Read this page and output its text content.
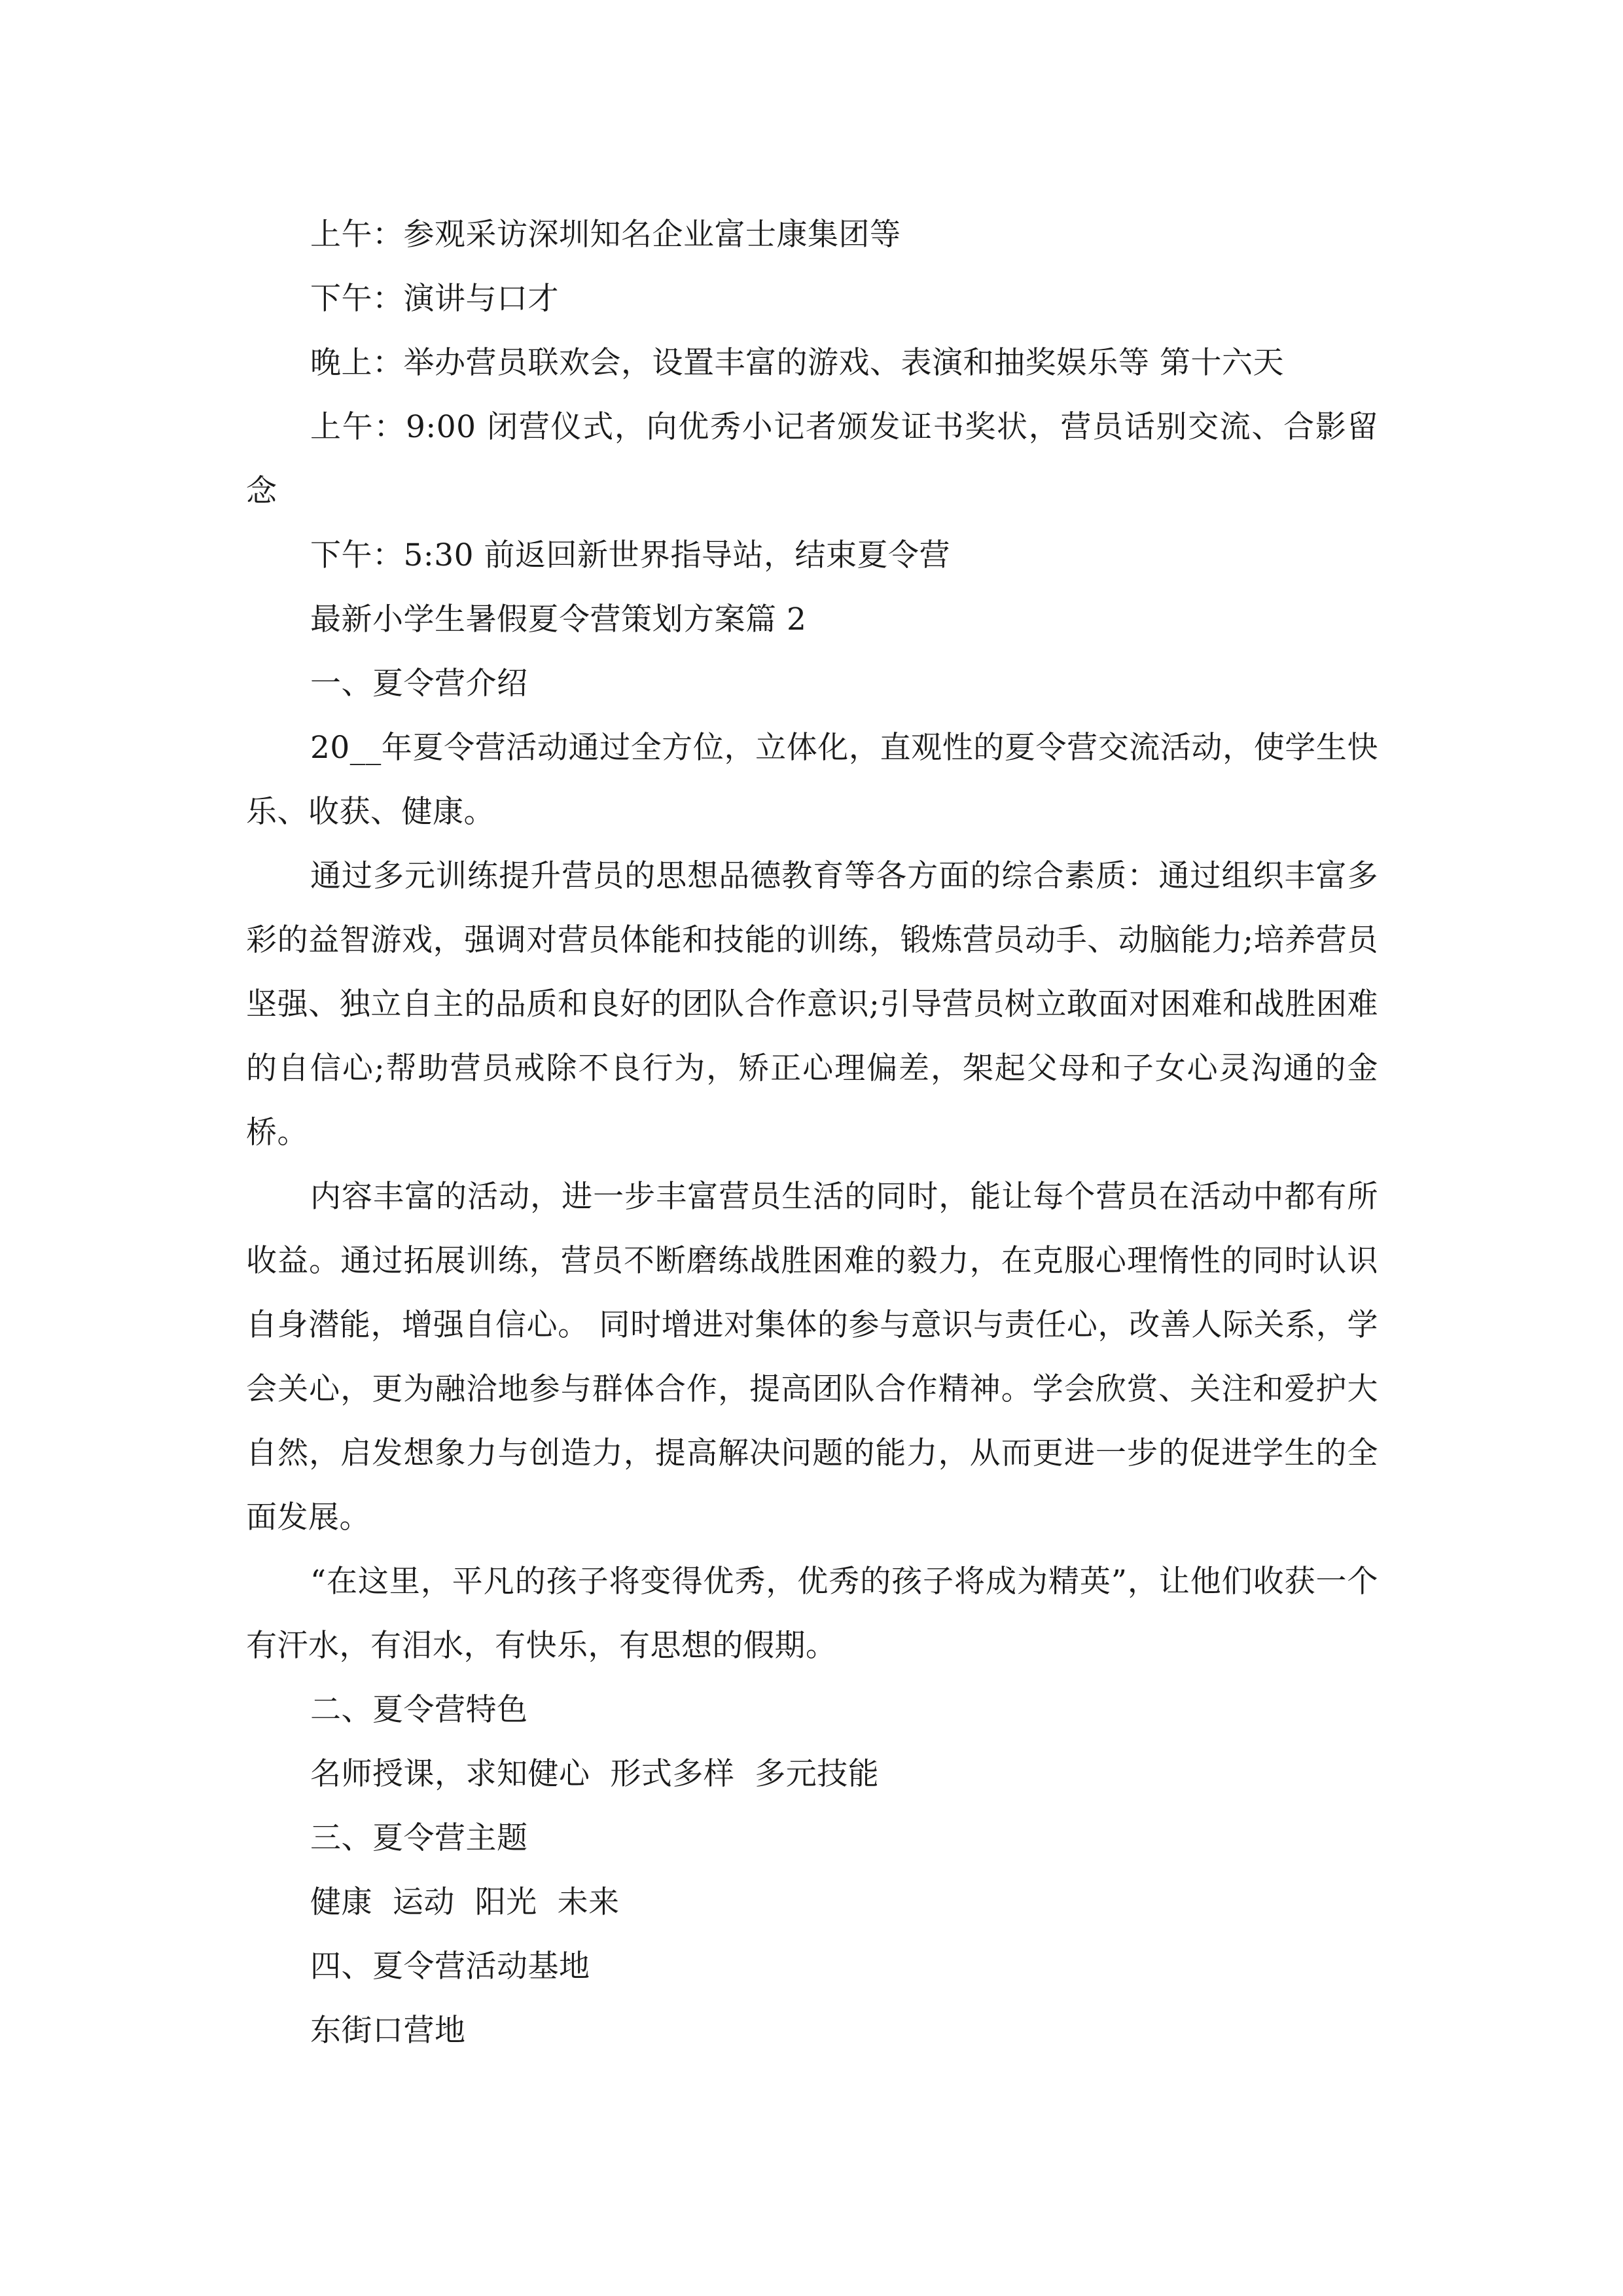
上午：参观采访深圳知名企业富士康集团等

下午：演讲与口才

晚上：举办营员联欢会，设置丰富的游戏、表演和抽奖娱乐等 第十六天

上午：9:00 闭营仪式，向优秀小记者颁发证书奖状，营员话别交流、合影留念

下午：5:30 前返回新世界指导站，结束夏令营

最新小学生暑假夏令营策划方案篇 2

一、夏令营介绍

20__年夏令营活动通过全方位，立体化，直观性的夏令营交流活动，使学生快乐、收获、健康。

通过多元训练提升营员的思想品德教育等各方面的综合素质：通过组织丰富多彩的益智游戏，强调对营员体能和技能的训练，锻炼营员动手、动脑能力;培养营员坚强、独立自主的品质和良好的团队合作意识;引导营员树立敢面对困难和战胜困难的自信心;帮助营员戒除不良行为，矫正心理偏差，架起父母和子女心灵沟通的金桥。

内容丰富的活动，进一步丰富营员生活的同时，能让每个营员在活动中都有所收益。通过拓展训练，营员不断磨练战胜困难的毅力，在克服心理惰性的同时认识自身潜能，增强自信心。 同时增进对集体的参与意识与责任心，改善人际关系，学会关心，更为融洽地参与群体合作，提高团队合作精神。学会欣赏、关注和爱护大自然，启发想象力与创造力，提高解决问题的能力，从而更进一步的促进学生的全面发展。

“在这里，平凡的孩子将变得优秀，优秀的孩子将成为精英”，让他们收获一个有汗水，有泪水，有快乐，有思想的假期。

二、夏令营特色

名师授课，求知健心  形式多样  多元技能

三、夏令营主题

健康  运动  阳光  未来

四、夏令营活动基地

东街口营地
